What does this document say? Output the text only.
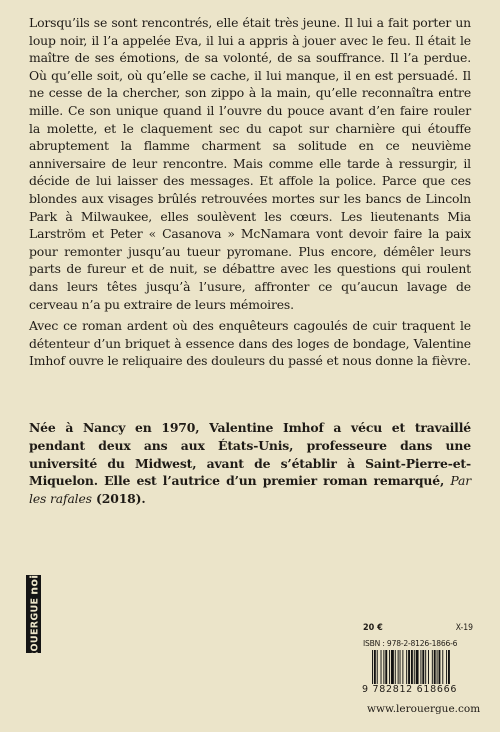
Lorsqu’ils se sont rencontrés, elle était très jeune. Il lui a fait porter un loup noir, il l’a appelée Eva, il lui a appris à jouer avec le feu. Il était le maître de ses émotions, de sa volonté, de sa souffrance. Il l’a perdue. Où qu’elle soit, où qu’elle se cache, il lui manque, il en est persuadé. Il ne cesse de la chercher, son zippo à la main, qu’elle reconnaîtra entre mille. Ce son unique quand il l’ouvre du pouce avant d’en faire rouler la molette, et le claquement sec du capot sur charnière qui étouffe abruptement la flamme charment sa solitude en ce neuvième anniversaire de leur rencontre. Mais comme elle tarde à ressurgir, il décide de lui laisser des messages. Et affole la police. Parce que ces blondes aux visages brûlés retrouvées mortes sur les bancs de Lincoln Park à Milwaukee, elles soulèvent les cœurs. Les lieutenants Mia Larström et Peter « Casanova » McNamara vont devoir faire la paix pour remonter jusqu’au tueur pyromane. Plus encore, démêler leurs parts de fureur et de nuit, se débattre avec les questions qui roulent dans leurs têtes jusqu’à l’usure, affronter ce qu’aucun lavage de cerveau n’a pu extraire de leurs mémoires.

Avec ce roman ardent où des enquêteurs cagoulés de cuir traquent le détenteur d’un briquet à essence dans des loges de bondage, Valentine Imhof ouvre le reliquaire des douleurs du passé et nous donne la fièvre.

Née à Nancy en 1970, Valentine Imhof a vécu et travaillé pendant deux ans aux États-Unis, professeure dans une université du Midwest, avant de s’établir à Saint-Pierre-et-Miquelon. Elle est l’autrice d’un premier roman remarqué, Par les rafales (2018).
ROUERGUEnoir
20 €	X-19
ISBN : 978-2-8126-1866-6
9 782812 618666
www.lerouergue.com
